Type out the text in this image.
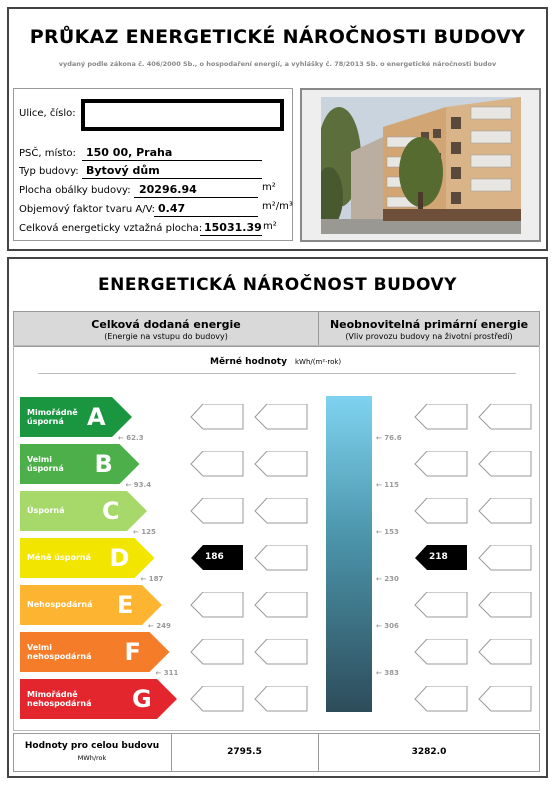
PRŮKAZ ENERGETICKÉ NÁROČNOSTI BUDOVY
vydaný podle zákona č. 406/2000 Sb., o hospodaření energií, a vyhlášky č. 78/2013 Sb. o energetické náročnosti budov
Ulice, číslo:
PSČ, místo: 150 00, Praha
Typ budovy: Bytový dům
Plocha obálky budovy: 20296.94	m²
Objemový faktor tvaru A/V: 0.47	m²/m³
Celková energeticky vztažná plocha: 15031.39 m²
ENERGETICKÁ NÁROČNOST BUDOVY
Celková dodaná energie
(Energie na vstupu do budovy)
Neobnovitelná primární energie
(Vliv provozu budovy na životní prostředí)
Měrné hodnoty kWh/(m²·rok)
Mimořádně
úsporná A
Velmi
úsporná B
Úsporná C
Méně úsporná D	186	218
Nehospodárná E
Velmi
nehospodárná F
Mimořádně
nehospodárná G
← 62.3
← 93.4
← 125
← 187
← 249
← 311
← 76.6
← 115
← 153
← 230
← 306
← 383
Hodnoty pro celou budovu
MWh/rok
2795.5	3282.0
